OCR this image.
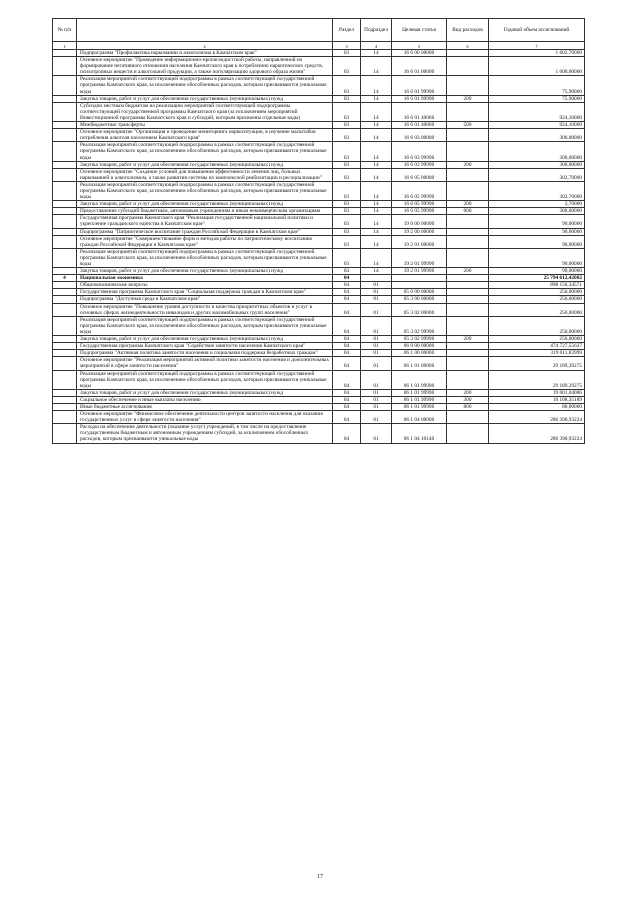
№ п/п		Раздел	Подраздел	Целевая статья	Вид расходов	Годовой объем ассигнований
1	2	3	4	5	6	7
	Подпрограмма "Профилактика наркомании и алкоголизма в Камчатском крае"	03	14	16 6 00 00000		1 602,70000
	Основное мероприятие "Проведение информационно-пропагандистской работы, направленной на формирование негативного отношения населения Камчатского края к потреблению наркотических средств, психотропных веществ и алкогольной продукции, а также популяризацию здорового образа жизни"	03	14	16 6 01 00000		1 000,00000
	Реализация мероприятий соответствующей подпрограммы в рамках соответствующей государственной программы Камчатского края, за исключением обособленных расходов, которым присваиваются уникальные коды	03	14	16 6 01 99990		75,90000
	Закупка товаров, работ и услуг для обеспечения государственных (муниципальных) нужд	03	14	16 6 01 99990	200	75,90000
	Субсидии местным бюджетам на реализацию мероприятий соответствующей подпрограммы соответствующей государственной программы Камчатского края (за исключением мероприятий Инвестиционной программы Камчатского края и субсидий, которым присвоены отдельные коды)	03	14	16 6 01 40060		924,10000
	Межбюджетные трансферты	03	14	16 6 01 40060	500	924,10000
	Основное мероприятие "Организация и проведение мониторинга наркоситуации, в изучение масштабов потребления алкоголя населением Камчатского края"	03	14	16 6 03 00000		300,00000
	Реализация мероприятий соответствующей подпрограммы в рамках соответствующей государственной программы Камчатского края, за исключением обособленных расходов, которым присваиваются уникальные коды	03	14	16 6 03 99990		300,00000
	Закупка товаров, работ и услуг для обеспечения государственных (муниципальных) нужд	03	14	16 6 03 99990	200	300,00000
	Основное мероприятие "Создание условий для повышения эффективности лечения лиц, больных наркоманией и алкоголизмом, а также развития системы их комплексной реабилитации и ресоциализации"	03	14	16 6 05 00000		302,70000
	Реализация мероприятий соответствующей подпрограммы в рамках соответствующей государственной программы Камчатского края, за исключением обособленных расходов, которым присваиваются уникальные коды	03	14	16 6 05 99990		302,70000
	Закупка товаров, работ и услуг для обеспечения государственных (муниципальных) нужд	03	14	16 6 05 99990	200	2,70000
	Предоставление субсидий бюджетным, автономным учреждениям и иным некоммерческим организациям	03	14	16 6 05 99990	600	300,00000
	Государственная программа Камчатского края "Реализация государственной национальной политики и укрепление гражданского единства в Камчатском крае"	03	14	19 0 00 00000		90,00000
	Подпрограмма "Патриотическое воспитание граждан Российской Федерации в Камчатском крае"	03	14	19 2 00 00000		90,00000
	Основное мероприятие "Совершенствование форм и методов работы по патриотическому воспитанию граждан Российской Федерации в Камчатском крае"	03	14	19 2 01 00000		90,00000
	Реализация мероприятий соответствующей подпрограммы в рамках соответствующей государственной программы Камчатского края, за исключением обособленных расходов, которым присваиваются уникальные коды	03	14	19 2 01 99990		90,00000
	Закупка товаров, работ и услуг для обеспечения государственных (муниципальных) нужд	03	14	19 2 01 99990	200	90,00000
4	Национальная экономика	04				25 794 612,42002
	Общеэкономические вопросы	04	01			898 156,34571
	Государственная программа Камчатского края "Социальная поддержка граждан в Камчатском крае"	04	01	05 0 00 00000		250,00000
	Подпрограмма "Доступная среда в Камчатском крае"	04	01	05 3 00 00000		250,00000
	Основное мероприятие "Повышение уровня доступности и качества приоритетных объектов и услуг в основных сферах жизнедеятельности инвалидов и других маломобильных групп населения"	04	01	05 3 02 00000		250,00000
	Реализация мероприятий соответствующей подпрограммы в рамках соответствующей государственной программы Камчатского края, за исключением обособленных расходов, которым присваиваются уникальные коды	04	01	05 3 02 99990		250,00000
	Закупка товаров, работ и услуг для обеспечения государственных (муниципальных) нужд	04	01	05 3 02 99990	200	250,00000
	Государственная программа Камчатского края "Содействие занятости населения Камчатского края"	04	01	06 0 00 00000		474 727,55627
	Подпрограмма "Активная политика занятости населения и социальная поддержка безработных граждан"	04	01	06 1 00 00000		319 011,83999
	Основное мероприятие "Реализация мероприятий активной политики занятости населения и дополнительных мероприятий в сфере занятости населения"	04	01	06 1 01 00000		29 189,39275
	Реализация мероприятий соответствующей подпрограммы в рамках соответствующей государственной программы Камчатского края, за исключением обособленных расходов, которым присваиваются уникальные коды	04	01	06 1 01 99990		29 189,39275
	Закупка товаров, работ и услуг для обеспечения государственных (муниципальных) нужд	04	01	06 1 01 99990	200	19 001,04086
	Социальное обеспечение и иные выплаты населению	04	01	06 1 01 99990	300	10 108,35189
	Иные бюджетные ассигнования	04	01	06 1 01 99990	800	80,00000
	Основное мероприятие "Финансовое обеспечение деятельности центров занятости населения для оказания государственных услуг в сфере занятости населения"	04	01	06 1 04 00000		286 390,93224
	Расходы на обеспечение деятельности (оказание услуг) учреждений, в том числе на предоставление государственным бюджетным и автономным учреждениям субсидий, за исключением обособленных расходов, которым присваиваются уникальные коды	04	01	06 1 04 10140		286 390,93224
17
